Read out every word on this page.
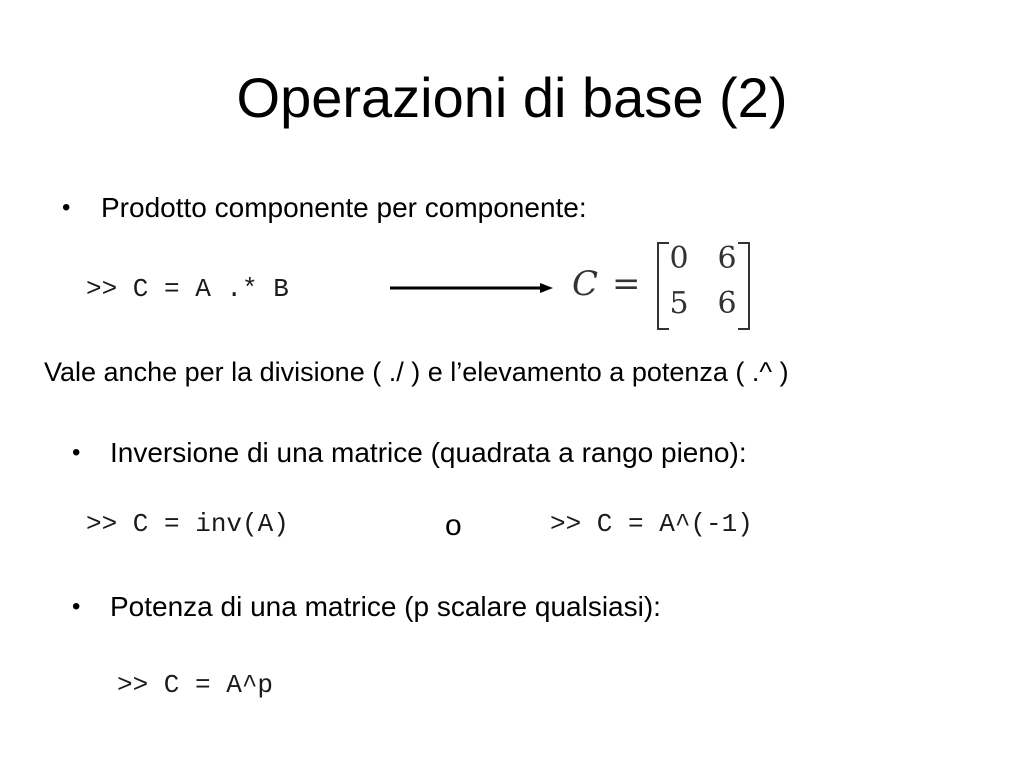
Operazioni di base (2)
• Prodotto componente per componente:
>> C = A .* B	C =
0 6
5 6
Vale anche per la divisione ( ./ ) e l’elevamento a potenza ( .^ )
• Inversione di una matrice (quadrata a rango pieno):
>> C = inv(A)	o	>> C = A^(-1)
• Potenza di una matrice (p scalare qualsiasi):
>> C = A^p
